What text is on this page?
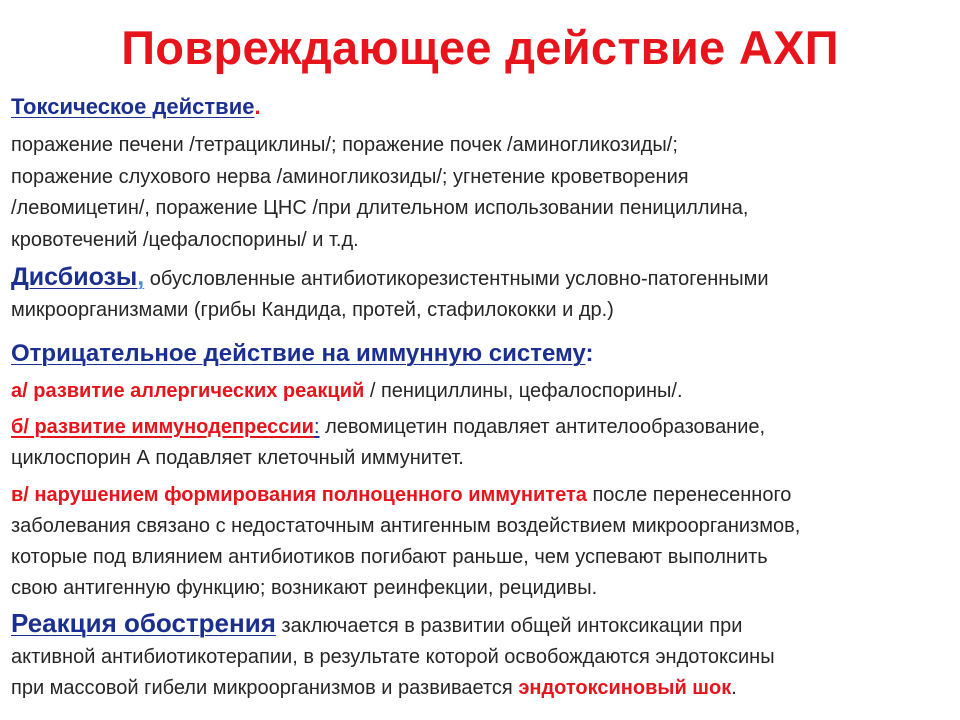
Повреждающее действие АХП
Токсическое действие.
поражение печени /тетрациклины/; поражение почек /аминогликозиды/;
поражение слухового нерва /аминогликозиды/; угнетение кроветворения
/левомицетин/, поражение ЦНС /при длительном использовании пенициллина,
кровотечений /цефалоспорины/ и т.д.
Дисбиозы, обусловленные антибиотикорезистентными условно-патогенными
микроорганизмами (грибы Кандида, протей, стафилококки и др.)
Отрицательное действие на иммунную систему:
а/ развитие аллергических реакций / пенициллины, цефалоспорины/.
б/ развитие иммунодепрессии: левомицетин подавляет антителообразование,
циклоспорин А подавляет клеточный иммунитет.
в/ нарушением формирования полноценного иммунитета после перенесенного
заболевания связано с недостаточным антигенным воздействием микроорганизмов,
которые под влиянием антибиотиков погибают раньше, чем успевают выполнить
свою антигенную функцию; возникают реинфекции, рецидивы.
Реакция обострения заключается в развитии общей интоксикации при
активной антибиотикотерапии, в результате которой освобождаются эндотоксины
при массовой гибели микроорганизмов и развивается эндотоксиновый шок.
